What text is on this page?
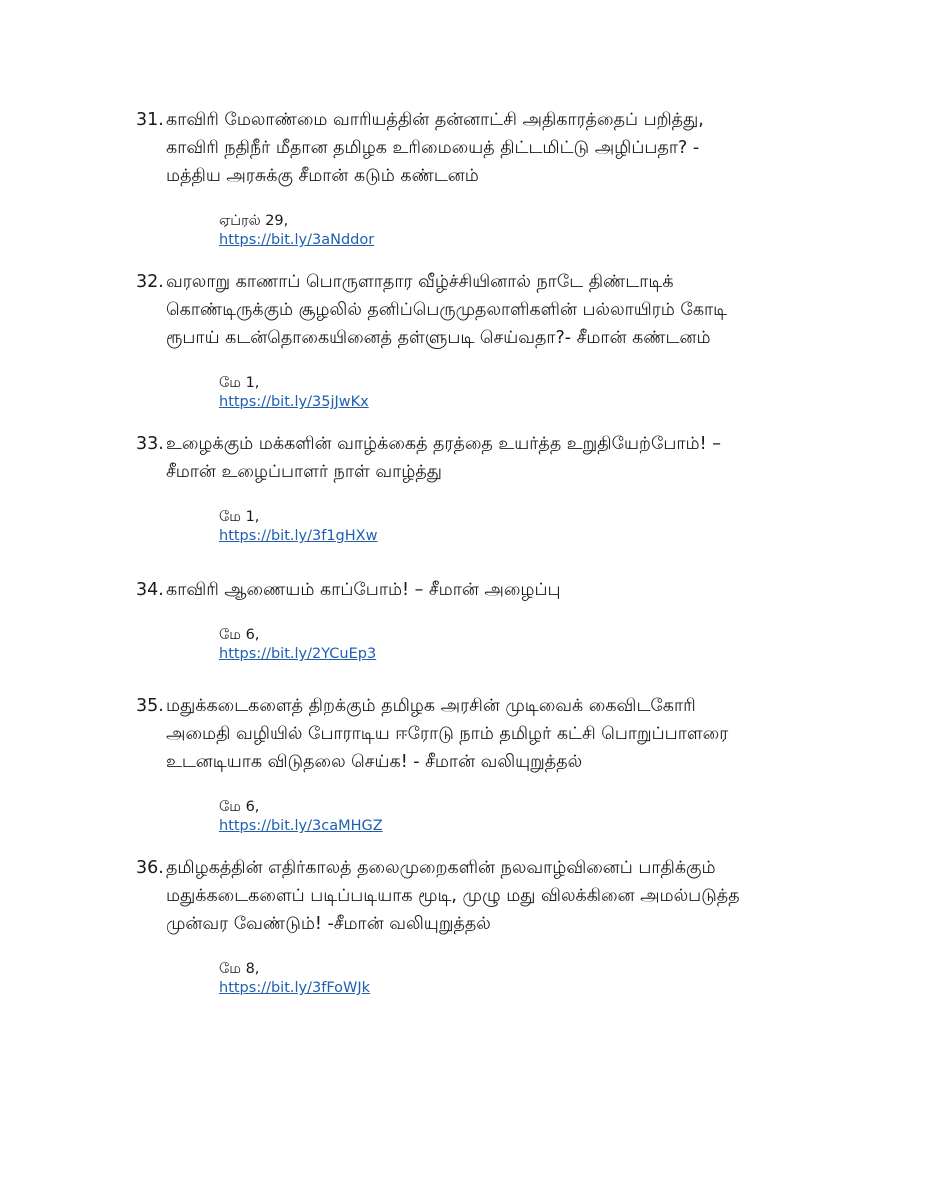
31. காவிரி மேலாண்மை வாரியத்தின் தன்னாட்சி அதிகாரத்தைப் பறித்து,
காவிரி நதிநீர் மீதான தமிழக உரிமையைத் திட்டமிட்டு அழிப்பதா? -
மத்திய அரசுக்கு சீமான் கடும் கண்டனம்
ஏப்ரல் 29,
https://bit.ly/3aNddor
32. வரலாறு காணாப் பொருளாதார வீழ்ச்சியினால் நாடே திண்டாடிக்
கொண்டிருக்கும் சூழலில் தனிப்பெருமுதலாளிகளின் பல்லாயிரம் கோடி
ரூபாய் கடன்தொகையினைத் தள்ளுபடி செய்வதா?- சீமான் கண்டனம்
மே 1,
https://bit.ly/35jJwKx
33. உழைக்கும் மக்களின் வாழ்க்கைத் தரத்தை உயர்த்த உறுதியேற்போம்! –
சீமான் உழைப்பாளர் நாள் வாழ்த்து
மே 1,
https://bit.ly/3f1gHXw
34. காவிரி ஆணையம் காப்போம்! – சீமான் அழைப்பு
மே 6,
https://bit.ly/2YCuEp3
35. மதுக்கடைகளைத் திறக்கும் தமிழக அரசின் முடிவைக் கைவிடகோரி
அமைதி வழியில் போராடிய ஈரோடு நாம் தமிழர் கட்சி பொறுப்பாளரை
உடனடியாக விடுதலை செய்க! - சீமான் வலியுறுத்தல்
மே 6,
https://bit.ly/3caMHGZ
36. தமிழகத்தின் எதிர்காலத் தலைமுறைகளின் நலவாழ்வினைப் பாதிக்கும்
மதுக்கடைகளைப் படிப்படியாக மூடி, முழு மது விலக்கினை அமல்படுத்த
முன்வர வேண்டும்! -சீமான் வலியுறுத்தல்
மே 8,
https://bit.ly/3fFoWJk
